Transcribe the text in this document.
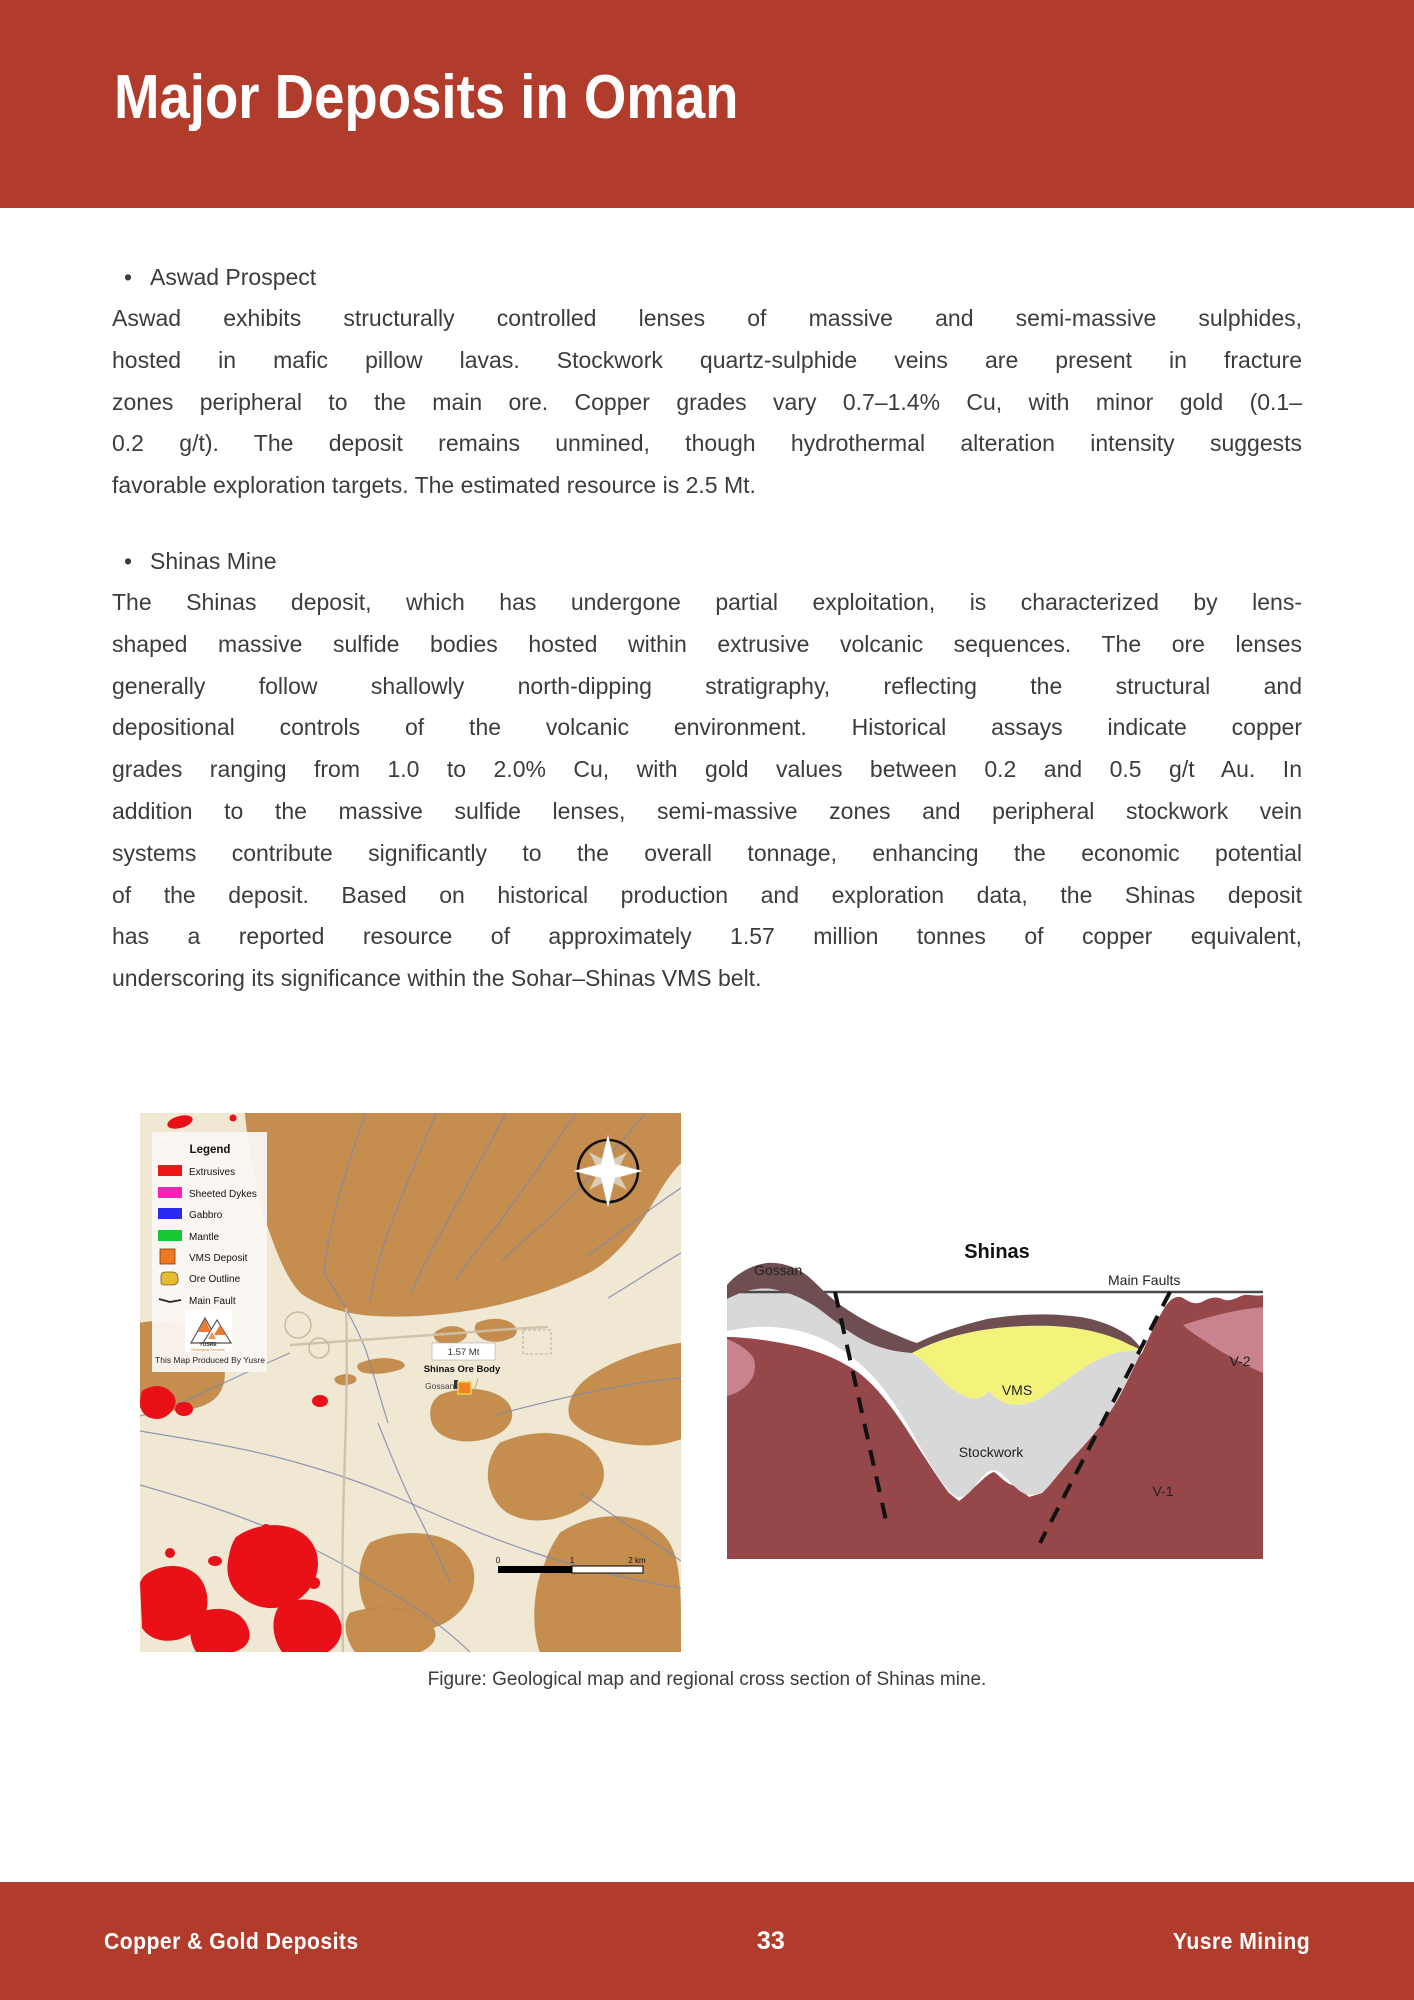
Major Deposits in Oman
• Aswad Prospect
Aswad exhibits structurally controlled lenses of massive and semi-massive sulphides,
hosted in mafic pillow lavas. Stockwork quartz-sulphide veins are present in fracture
zones peripheral to the main ore. Copper grades vary 0.7–1.4% Cu, with minor gold (0.1–
0.2 g/t). The deposit remains unmined, though hydrothermal alteration intensity suggests
favorable exploration targets. The estimated resource is 2.5 Mt.
• Shinas Mine
The Shinas deposit, which has undergone partial exploitation, is characterized by lens-
shaped massive sulfide bodies hosted within extrusive volcanic sequences. The ore lenses
generally follow shallowly north-dipping stratigraphy, reflecting the structural and
depositional controls of the volcanic environment. Historical assays indicate copper
grades ranging from 1.0 to 2.0% Cu, with gold values between 0.2 and 0.5 g/t Au. In
addition to the massive sulfide lenses, semi-massive zones and peripheral stockwork vein
systems contribute significantly to the overall tonnage, enhancing the economic potential
of the deposit. Based on historical production and exploration data, the Shinas deposit
has a reported resource of approximately 1.57 million tonnes of copper equivalent,
underscoring its significance within the Sohar–Shinas VMS belt.
Legend
Extrusives
Sheeted Dykes
Gabbro
Mantle
VMS Deposit
Ore Outline
Main Fault
YUSRE
Geological Services
This Map Produced By Yusre
1.57 Mt
Shinas Ore Body
Gossan
0	1	2 km
Shinas
Gossan
Main Faults
V-2
VMS
Stockwork
V-1
Figure: Geological map and regional cross section of Shinas mine.
Copper & Gold Deposits	33	Yusre Mining
